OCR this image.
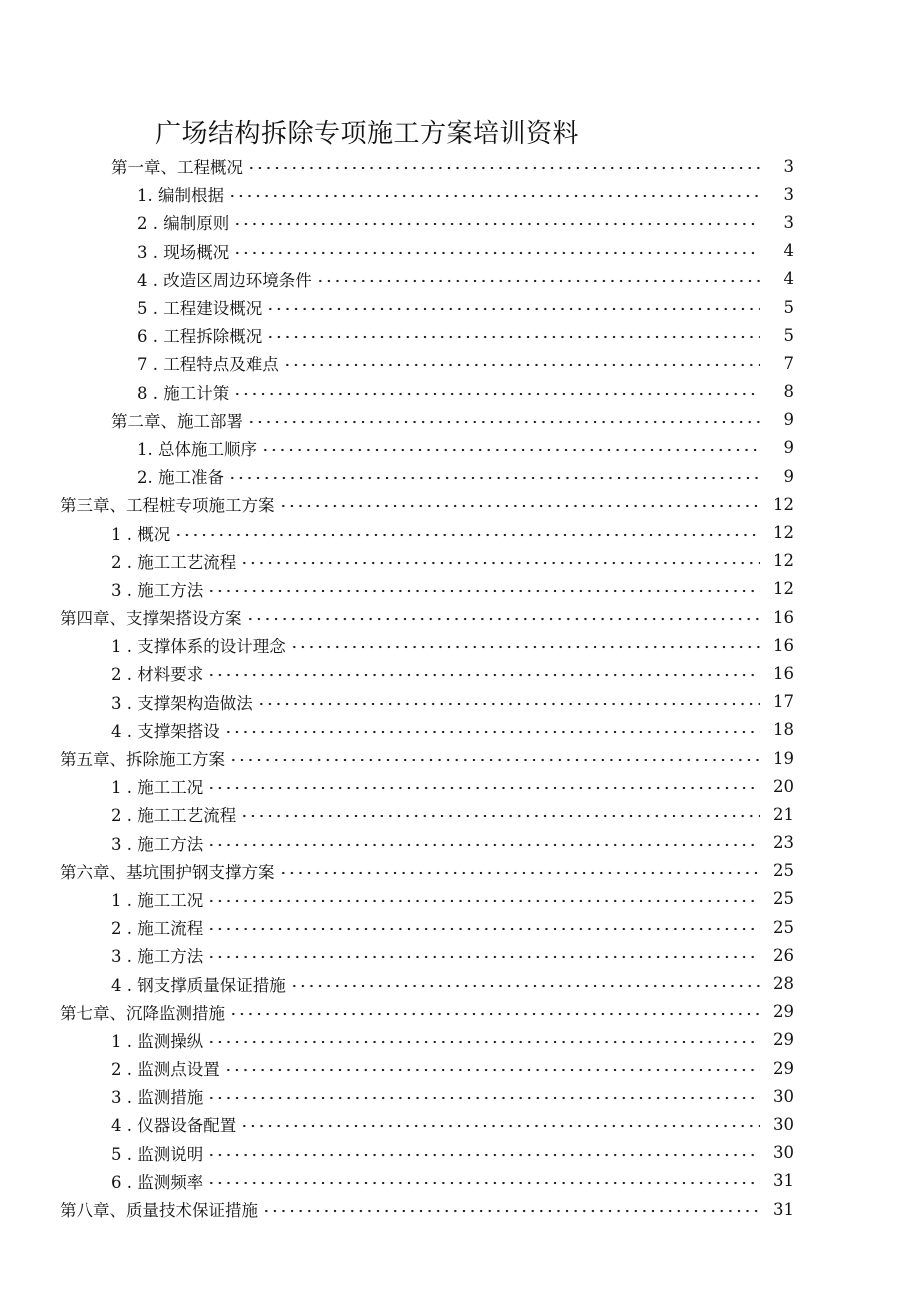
广场结构拆除专项施工方案培训资料
第一章、工程概况	3
1. 编制根据	3
2 . 编制原则	3
3 . 现场概况	4
4 . 改造区周边环境条件	4
5 . 工程建设概况	5
6 . 工程拆除概况	5
7 . 工程特点及难点	7
8 . 施工计策	8
第二章、施工部署	9
1. 总体施工顺序	9
2. 施工准备	9
第三章、工程桩专项施工方案	12
1 . 概况	12
2 . 施工工艺流程	12
3 . 施工方法	12
第四章、支撑架搭设方案	16
1 . 支撑体系的设计理念	16
2 . 材料要求	16
3 . 支撑架构造做法	17
4 . 支撑架搭设	18
第五章、拆除施工方案	19
1 . 施工工况	20
2 . 施工工艺流程	21
3 . 施工方法	23
第六章、基坑围护钢支撑方案	25
1 . 施工工况	25
2 . 施工流程	25
3 . 施工方法	26
4 . 钢支撑质量保证措施	28
第七章、沉降监测措施	29
1 . 监测操纵	29
2 . 监测点设置	29
3 . 监测措施	30
4 . 仪器设备配置	30
5 . 监测说明	30
6 . 监测频率	31
第八章、质量技术保证措施	31
